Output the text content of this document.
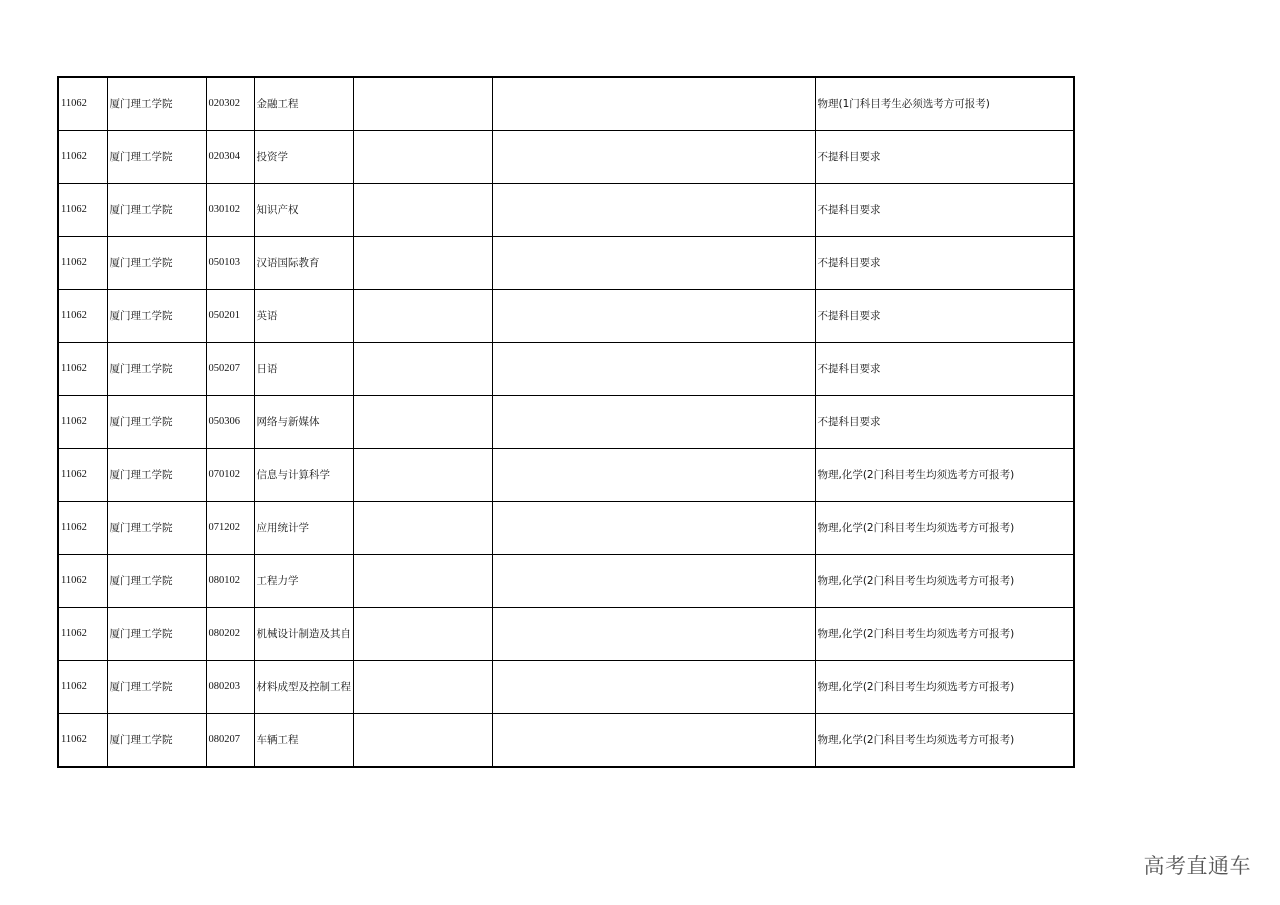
11062	厦门理工学院	020302	金融工程			物理(1门科目考生必须选考方可报考)
11062	厦门理工学院	020304	投资学			不提科目要求
11062	厦门理工学院	030102	知识产权			不提科目要求
11062	厦门理工学院	050103	汉语国际教育			不提科目要求
11062	厦门理工学院	050201	英语			不提科目要求
11062	厦门理工学院	050207	日语			不提科目要求
11062	厦门理工学院	050306	网络与新媒体			不提科目要求
11062	厦门理工学院	070102	信息与计算科学			物理,化学(2门科目考生均须选考方可报考)
11062	厦门理工学院	071202	应用统计学			物理,化学(2门科目考生均须选考方可报考)
11062	厦门理工学院	080102	工程力学			物理,化学(2门科目考生均须选考方可报考)
11062	厦门理工学院	080202	机械设计制造及其自			物理,化学(2门科目考生均须选考方可报考)
11062	厦门理工学院	080203	材料成型及控制工程			物理,化学(2门科目考生均须选考方可报考)
11062	厦门理工学院	080207	车辆工程			物理,化学(2门科目考生均须选考方可报考)
高考直通车
